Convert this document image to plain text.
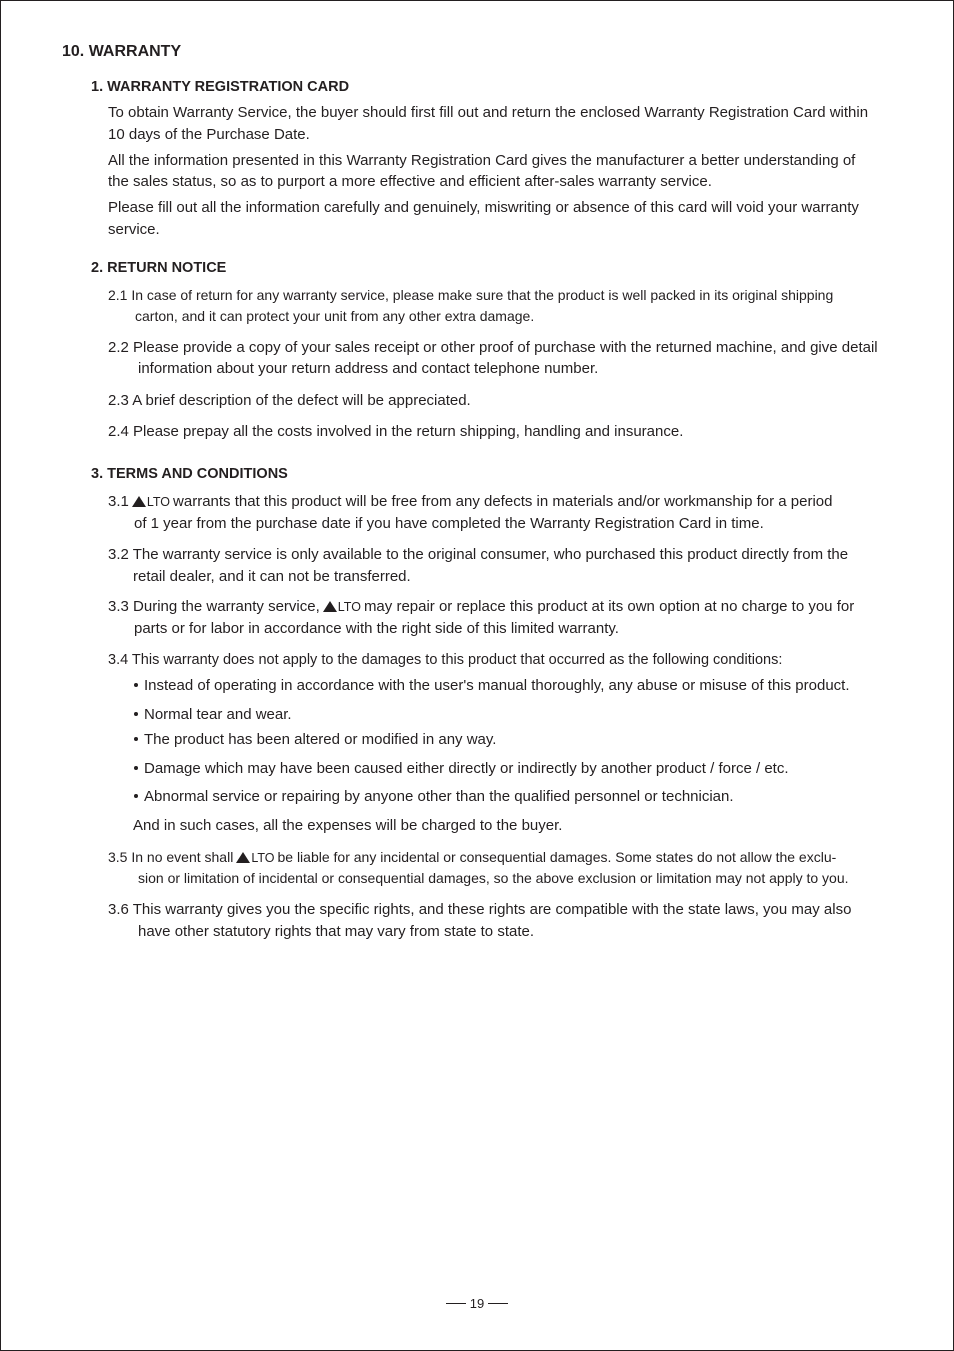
10. WARRANTY
1. WARRANTY REGISTRATION CARD
To obtain Warranty Service, the buyer should first fill out and return the enclosed Warranty Registration Card within
10 days of the Purchase Date.
All the information presented in this Warranty Registration Card gives the manufacturer a better understanding of
the sales status, so as to purport a more effective and efficient after-sales warranty service.
Please fill out all the information carefully and genuinely, miswriting or absence of this card will void your warranty
service.
2. RETURN NOTICE
2.1 In case of return for any warranty service, please make sure that the product is well packed in its original shipping
carton, and it can protect your unit from any other extra damage.
2.2 Please provide a copy of your sales receipt or other proof of purchase with the returned machine, and give detail
information about your return address and contact telephone number.
2.3 A brief description of the defect will be appreciated.
2.4 Please prepay all the costs involved in the return shipping, handling and insurance.
3. TERMS AND CONDITIONS
3.1 LTO warrants that this product will be free from any defects in materials and/or workmanship for a period
of 1 year from the purchase date if you have completed the Warranty Registration Card in time.
3.2 The warranty service is only available to the original consumer, who purchased this product directly from the
retail dealer, and it can not be transferred.
3.3 During the warranty service, LTO may repair or replace this product at its own option at no charge to you for
parts or for labor in accordance with the right side of this limited warranty.
3.4 This warranty does not apply to the damages to this product that occurred as the following conditions:
Instead of operating in accordance with the user's manual thoroughly, any abuse or misuse of this product.
Normal tear and wear.
The product has been altered or modified in any way.
Damage which may have been caused either directly or indirectly by another product / force / etc.
Abnormal service or repairing by anyone other than the qualified personnel or technician.
And in such cases, all the expenses will be charged to the buyer.
3.5 In no event shall LTO be liable for any incidental or consequential damages. Some states do not allow the exclu-
sion or limitation of incidental or consequential damages, so the above exclusion or limitation may not apply to you.
3.6 This warranty gives you the specific rights, and these rights are compatible with the state laws, you may also
have other statutory rights that may vary from state to state.
19
